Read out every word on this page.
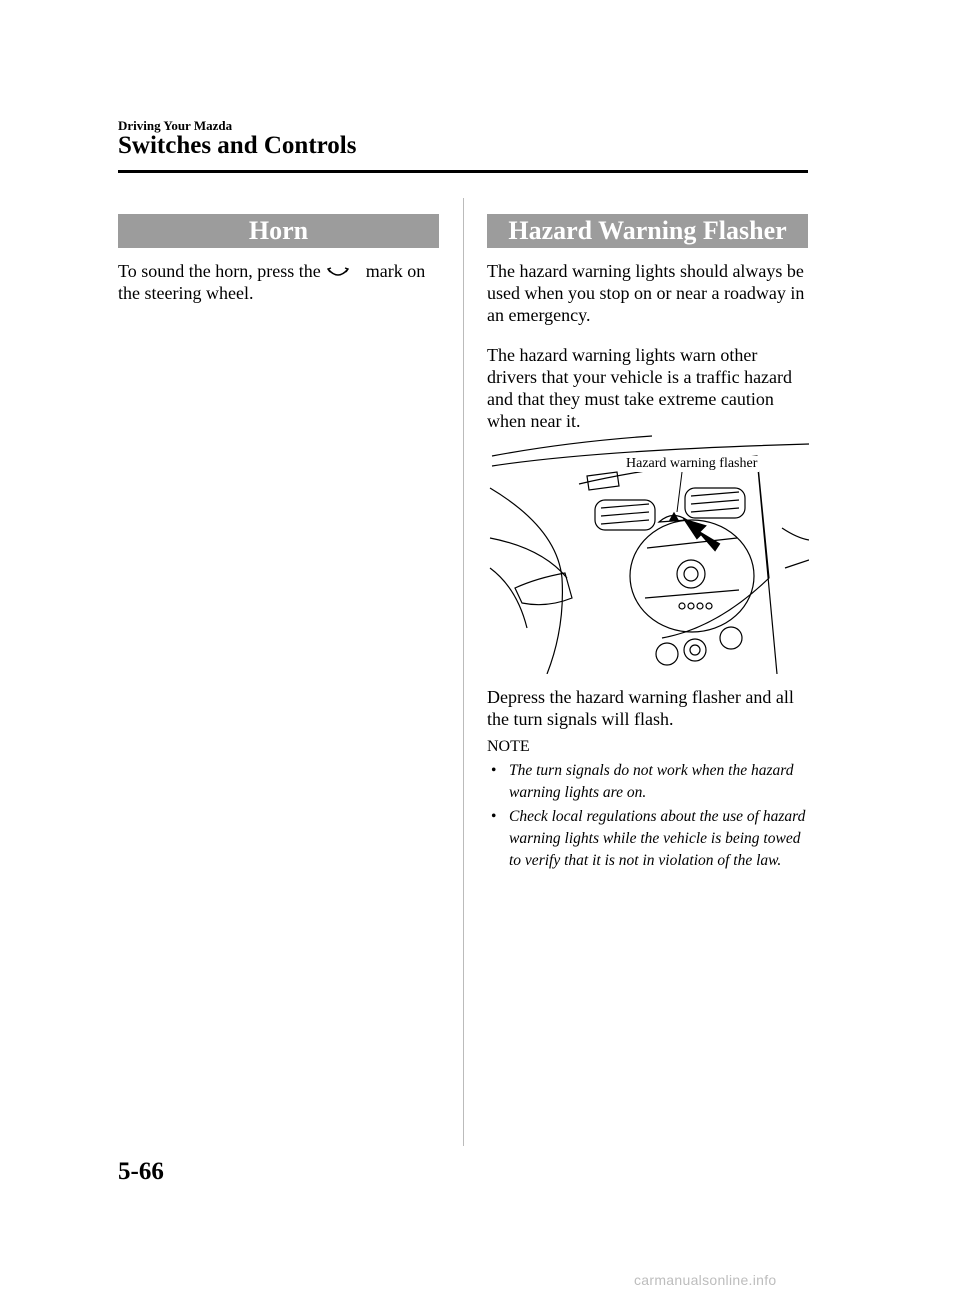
Driving Your Mazda
Switches and Controls
Horn
To sound the horn, press the	mark on the steering wheel.
Hazard Warning Flasher
The hazard warning lights should always be used when you stop on or near a roadway in an emergency.
The hazard warning lights warn other drivers that your vehicle is a traffic hazard and that they must take extreme caution when near it.
Hazard warning flasher
Depress the hazard warning flasher and all the turn signals will flash.
NOTE
• The turn signals do not work when the hazard warning lights are on.
• Check local regulations about the use of hazard warning lights while the vehicle is being towed to verify that it is not in violation of the law.
5-66
carmanualsonline.info
